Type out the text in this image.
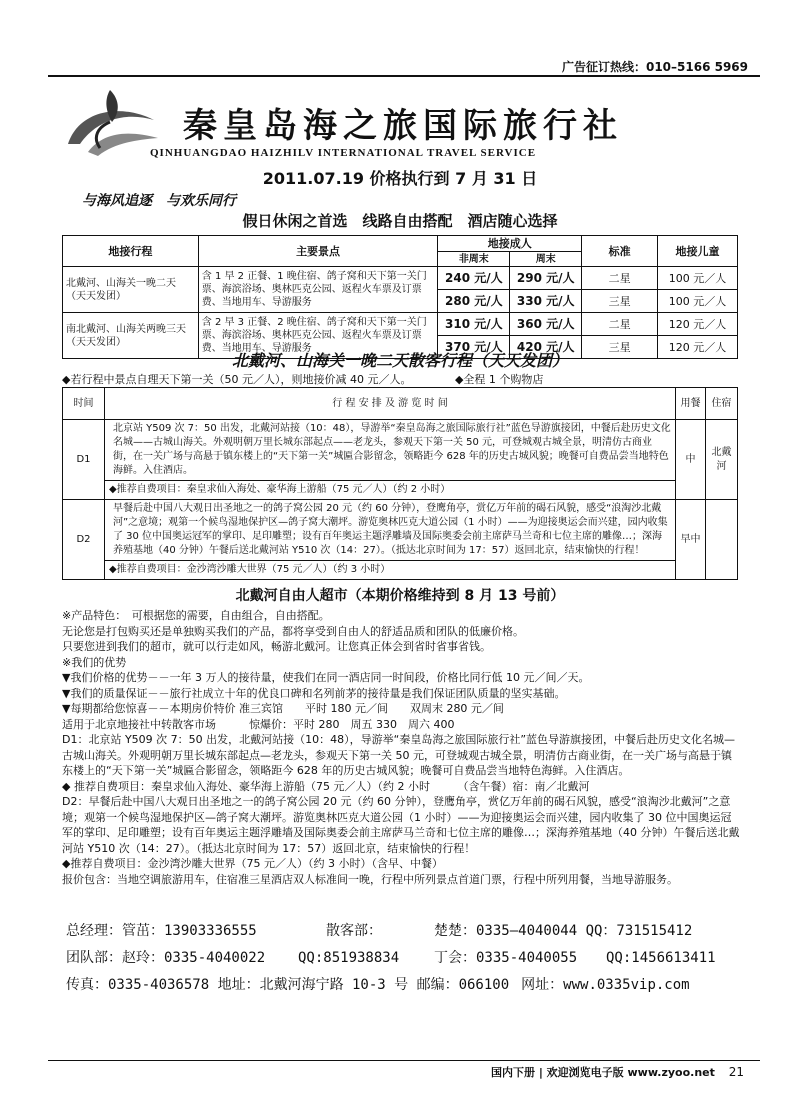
广告征订热线：010–5166 5969
秦皇岛海之旅国际旅行社
QINHUANGDAO HAIZHILV INTERNATIONAL TRAVEL SERVICE
2011.07.19 价格执行到 7 月 31 日
与海风追逐　与欢乐同行
假日休闲之首选　线路自由搭配　酒店随心选择
地接行程	主要景点	地接成人		标准	地接儿童
		非周末	周末		
北戴河、山海关一晚二天（天天发团）	含 1 早 2 正餐、1 晚住宿、鸽子窝和天下第一关门票、海滨浴场、奥林匹克公园、返程火车票及订票费、当地用车、导游服务	240 元/人	290 元/人	二星	100 元／人
		280 元/人	330 元/人	三星	100 元／人
南北戴河、山海关两晚三天（天天发团）	含 2 早 3 正餐、2 晚住宿、鸽子窝和天下第一关门票、海滨浴场、奥林匹克公园、返程火车票及订票费、当地用车、导游服务	310 元/人	360 元/人	二星	120 元／人
		370 元/人	420 元/人	三星	120 元／人
北戴河、山海关一晚二天散客行程（天天发团）
◆若行程中景点自理天下第一关（50 元／人），则地接价减 40 元／人。	◆全程 1 个购物店
时间	行 程 安 排 及 游 览 时 间	用餐	住宿
D1	北京站 Y509 次 7：50 出发，北戴河站接（10：48），导游举“秦皇岛海之旅国际旅行社”蓝色导游旗接团，中餐后赴历史文化名城——古城山海关。外观明朝万里长城东部起点——老龙头，参观天下第一关 50 元，可登城观古城全景，明清仿古商业街，在一关广场与高悬于镇东楼上的“天下第一关”城匾合影留念，领略距今 628 年的历史古城风貌；晚餐可自费品尝当地特色海鲜。入住酒店。	中	北戴河
	◆推荐自费项目：秦皇求仙入海处、豪华海上游船（75 元／人）（约 2 小时）		
D2	早餐后赴中国八大观日出圣地之一的鸽子窝公园 20 元（约 60 分钟），登鹰角亭，赏亿万年前的碣石风貌，感受“浪淘沙北戴河”之意境；观第一个候鸟湿地保护区—鸽子窝大潮坪。游览奥林匹克大道公园（1 小时）——为迎接奥运会而兴建，园内收集了 30 位中国奥运冠军的掌印、足印雕塑；设有百年奥运主题浮雕墙及国际奥委会前主席萨马兰奇和七位主席的雕像…；深海养殖基地（40 分钟）午餐后送北戴河站 Y510 次（14：27）。（抵达北京时间为 17：57）返回北京，结束愉快的行程！	早中	
	◆推荐自费项目：金沙湾沙雕大世界（75 元／人）（约 3 小时）		
北戴河自由人超市（本期价格维持到 8 月 13 号前）

※产品特色：　可根据您的需要，自由组合，自由搭配。

无论您是打包购买还是单独购买我们的产品，都将享受到自由人的舒适品质和团队的低廉价格。

只要您进到我们的超市，就可以行走如风，畅游北戴河。让您真正体会到省时省事省钱。

※我们的优势

▼我们价格的优势－－一年 3 万人的接待量，使我们在同一酒店同一时间段，价格比同行低 10 元／间／天。

▼我们的质量保证－－旅行社成立十年的优良口碑和名列前茅的接待量是我们保证团队质量的坚实基础。

▼每期都给您惊喜－－本期房价特价 准三宾馆　　平时 180 元／间　　双周末 280 元／间

适用于北京地接社中转散客市场　　　惊爆价：平时 280　周五 330　周六 400

D1：北京站 Y509 次 7：50 出发，北戴河站接（10：48），导游举“秦皇岛海之旅国际旅行社”蓝色导游旗接团，中餐后赴历史文化名城—古城山海关。外观明朝万里长城东部起点—老龙头，参观天下第一关 50 元，可登城观古城全景，明清仿古商业街，在一关广场与高悬于镇东楼上的“天下第一关”城匾合影留念，领略距今 628 年的历史古城风貌；晚餐可自费品尝当地特色海鲜。入住酒店。

◆ 推荐自费项目：秦皇求仙入海处、豪华海上游船（75 元／人）（约 2 小时　　　（含午餐）宿：南／北戴河

D2：早餐后赴中国八大观日出圣地之一的鸽子窝公园 20 元（约 60 分钟），登鹰角亭，赏亿万年前的碣石风貌，感受“浪淘沙北戴河”之意境；观第一个候鸟湿地保护区—鸽子窝大潮坪。游览奥林匹克大道公园（1 小时）——为迎接奥运会而兴建，园内收集了 30 位中国奥运冠军的掌印、足印雕塑；设有百年奥运主题浮雕墙及国际奥委会前主席萨马兰奇和七位主席的雕像…；深海养殖基地（40 分钟）午餐后送北戴河站 Y510 次（14：27）。（抵达北京时间为 17：57）返回北京，结束愉快的行程！

◆推荐自费项目：金沙湾沙雕大世界（75 元／人）（约 3 小时）（含早、中餐）

报价包含：当地空调旅游用车，住宿准三星酒店双人标准间一晚，行程中所列景点首道门票，行程中所列用餐，当地导游服务。

总经理：管茁：13903336555	散客部：	楚楚：0335—4040044 QQ：731515412
团队部：赵玲：0335-4040022	QQ:851938834	丁会：0335-4040055	QQ:1456613411
传真：0335-4036578 地址：北戴河海宁路 10-3 号 邮编：066100 网址：www.0335vip.com
国内下册 | 欢迎浏览电子版 www.zyoo.net 21
